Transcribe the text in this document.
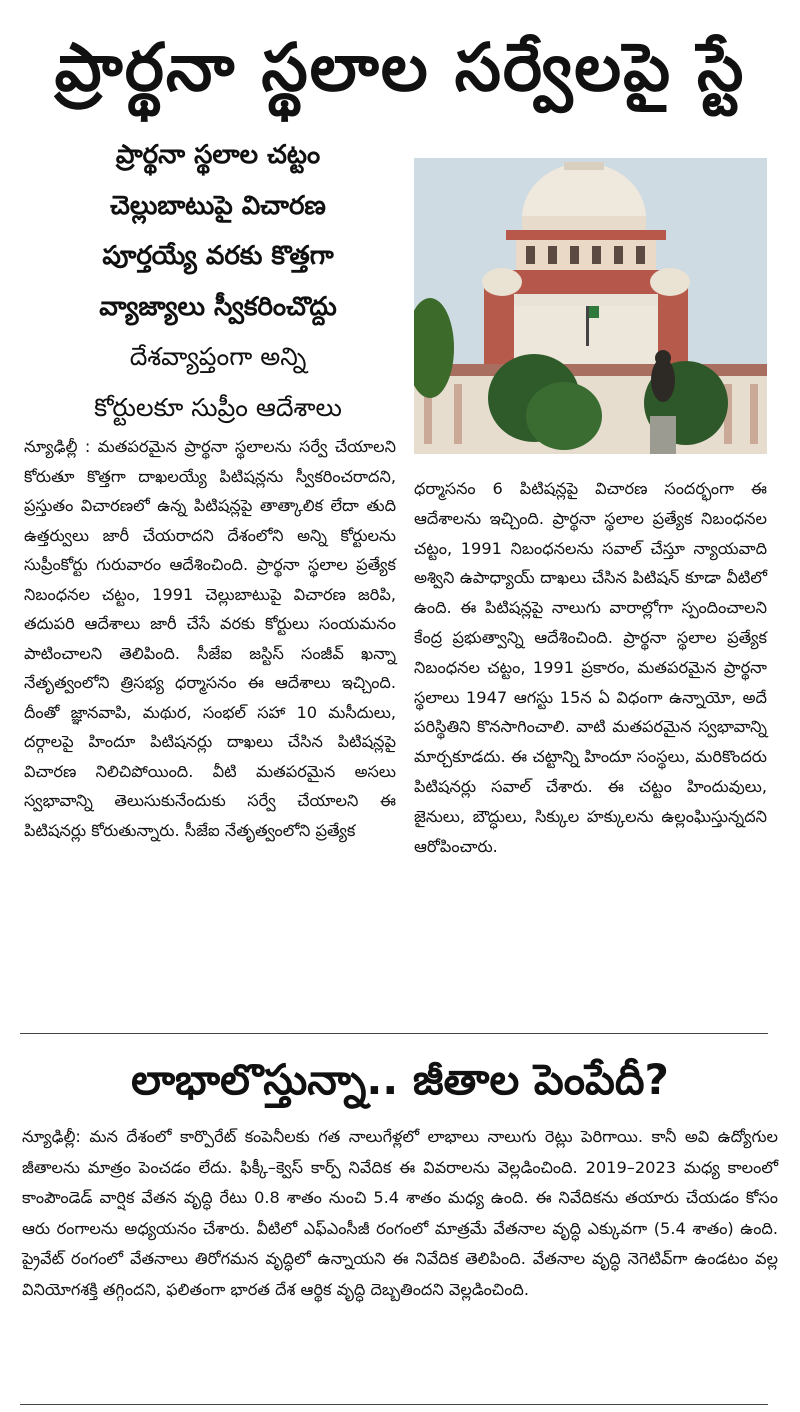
ప్రార్థనా స్థలాల సర్వేలపై స్టే
ప్రార్థనా స్థలాల చట్టం
చెల్లుబాటుపై విచారణ
పూర్తయ్యే వరకు కొత్తగా
వ్యాజ్యాలు స్వీకరించొద్దు
దేశవ్యాప్తంగా అన్ని
కోర్టులకూ సుప్రీం ఆదేశాలు

న్యూఢిల్లీ : మతపరమైన ప్రార్థనా స్థలాలను సర్వే చేయాలని కోరుతూ కొత్తగా దాఖలయ్యే పిటిషన్లను స్వీకరించరాదని, ప్రస్తుతం విచారణలో ఉన్న పిటిషన్లపై తాత్కాలిక లేదా తుది ఉత్తర్వులు జారీ చేయరాదని దేశంలోని అన్ని కోర్టులను సుప్రీంకోర్టు గురువారం ఆదేశించింది. ప్రార్థనా స్థలాల ప్రత్యేక నిబంధనల చట్టం, 1991 చెల్లుబాటుపై విచారణ జరిపి, తదుపరి ఆదేశాలు జారీ చేసే వరకు కోర్టులు సంయమనం పాటించాలని తెలిపింది. సీజేఐ జస్టిస్ సంజీవ్ ఖన్నా నేతృత్వంలోని త్రిసభ్య ధర్మాసనం ఈ ఆదేశాలు ఇచ్చింది. దీంతో జ్ఞానవాపి, మథుర, సంభల్ సహా 10 మసీదులు, దర్గాలపై హిందూ పిటిషనర్లు దాఖలు చేసిన పిటిషన్లపై విచారణ నిలిచిపోయింది. వీటి మతపరమైన అసలు స్వభావాన్ని తెలుసుకునేందుకు సర్వే చేయాలని ఈ పిటిషనర్లు కోరుతున్నారు. సీజేఐ నేతృత్వంలోని ప్రత్యేక

ధర్మాసనం 6 పిటిషన్లపై విచారణ సందర్భంగా ఈ ఆదేశాలను ఇచ్చింది. ప్రార్థనా స్థలాల ప్రత్యేక నిబంధనల చట్టం, 1991 నిబంధనలను సవాల్ చేస్తూ న్యాయవాది అశ్విని ఉపాధ్యాయ్ దాఖలు చేసిన పిటిషన్ కూడా వీటిలో ఉంది. ఈ పిటిషన్లపై నాలుగు వారాల్లోగా స్పందించాలని కేంద్ర ప్రభుత్వాన్ని ఆదేశించింది. ప్రార్థనా స్థలాల ప్రత్యేక నిబంధనల చట్టం, 1991 ప్రకారం, మతపరమైన ప్రార్థనా స్థలాలు 1947 ఆగస్టు 15న ఏ విధంగా ఉన్నాయో, అదే పరిస్థితిని కొనసాగించాలి. వాటి మతపరమైన స్వభావాన్ని మార్చకూడదు. ఈ చట్టాన్ని హిందూ సంస్థలు, మరికొందరు పిటిషనర్లు సవాల్ చేశారు. ఈ చట్టం హిందువులు, జైనులు, బౌద్ధులు, సిక్కుల హక్కులను ఉల్లంఘిస్తున్నదని ఆరోపించారు.

లాభాలొస్తున్నా.. జీతాల పెంపేదీ?

న్యూఢిల్లీ: మన దేశంలో కార్పొరేట్ కంపెనీలకు గత నాలుగేళ్లలో లాభాలు నాలుగు రెట్లు పెరిగాయి. కానీ అవి ఉద్యోగుల జీతాలను మాత్రం పెంచడం లేదు. ఫిక్కీ–క్వెస్ కార్ప్ నివేదిక ఈ వివరాలను వెల్లడించింది. 2019–2023 మధ్య కాలంలో కాంపౌండెడ్ వార్షిక వేతన వృద్ధి రేటు 0.8 శాతం నుంచి 5.4 శాతం మధ్య ఉంది. ఈ నివేదికను తయారు చేయడం కోసం ఆరు రంగాలను అధ్యయనం చేశారు. వీటిలో ఎఫ్‌ఎంసీజీ రంగంలో మాత్రమే వేతనాల వృద్ధి ఎక్కువగా (5.4 శాతం) ఉంది. ప్రైవేట్ రంగంలో వేతనాలు తిరోగమన వృద్ధిలో ఉన్నాయని ఈ నివేదిక తెలిపింది. వేతనాల వృద్ధి నెగెటివ్‌గా ఉండటం వల్ల వినియోగశక్తి తగ్గిందని, ఫలితంగా భారత దేశ ఆర్థిక వృద్ధి దెబ్బతిందని వెల్లడించింది.
